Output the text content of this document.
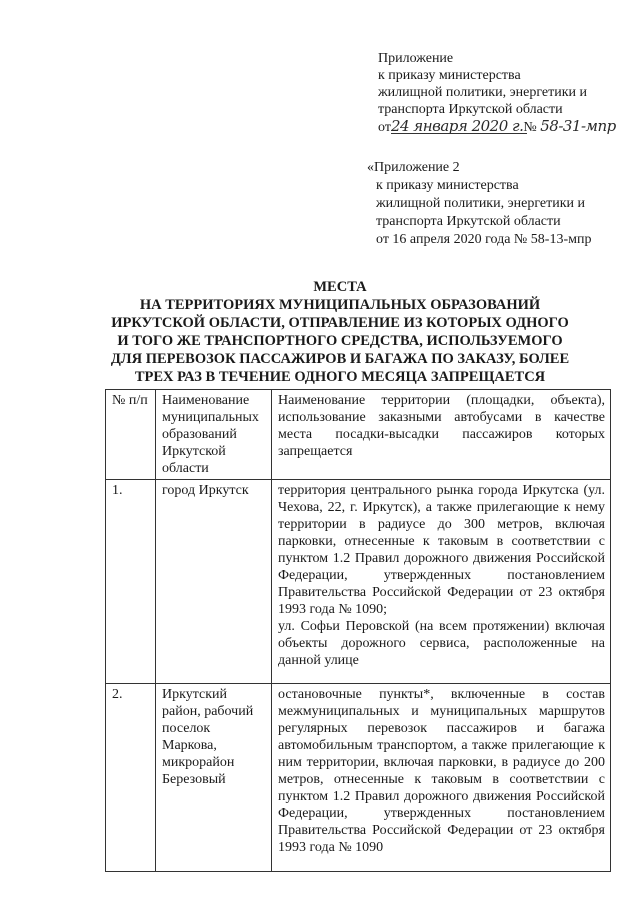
Приложение
к приказу министерства
жилищной политики, энергетики и
транспорта Иркутской области
от24 января 2020 г.№ 58-31-мпр
«Приложение 2
к приказу министерства
жилищной политики, энергетики и
транспорта Иркутской области
от 16 апреля 2020 года № 58-13-мпр
МЕСТА
НА ТЕРРИТОРИЯХ МУНИЦИПАЛЬНЫХ ОБРАЗОВАНИЙ
ИРКУТСКОЙ ОБЛАСТИ, ОТПРАВЛЕНИЕ ИЗ КОТОРЫХ ОДНОГО
И ТОГО ЖЕ ТРАНСПОРТНОГО СРЕДСТВА, ИСПОЛЬЗУЕМОГО
ДЛЯ ПЕРЕВОЗОК ПАССАЖИРОВ И БАГАЖА ПО ЗАКАЗУ, БОЛЕЕ
ТРЕХ РАЗ В ТЕЧЕНИЕ ОДНОГО МЕСЯЦА ЗАПРЕЩАЕТСЯ
№ п/п	Наименование муниципальных образований Иркутской области	Наименование территории (площадки, объекта), использование заказными автобусами в качестве места посадки-высадки пассажиров которых запрещается
1.	город Иркутск	территория центрального рынка города Иркутска (ул. Чехова, 22, г. Иркутск), а также прилегающие к нему территории в радиусе до 300 метров, включая парковки, отнесенные к таковым в соответствии с пунктом 1.2 Правил дорожного движения Российской Федерации, утвержденных постановлением Правительства Российской Федерации от 23 октября 1993 года № 1090;
ул. Софьи Перовской (на всем протяжении) включая объекты дорожного сервиса, расположенные на данной улице

2.	Иркутский район, рабочий поселок Маркова, микрорайон Березовый	остановочные пункты*, включенные в состав межмуниципальных и муниципальных маршрутов регулярных перевозок пассажиров и багажа автомобильным транспортом, а также прилегающие к ним территории, включая парковки, в радиусе до 200 метров, отнесенные к таковым в соответствии с пунктом 1.2 Правил дорожного движения Российской Федерации, утвержденных постановлением Правительства Российской Федерации от 23 октября 1993 года № 1090
